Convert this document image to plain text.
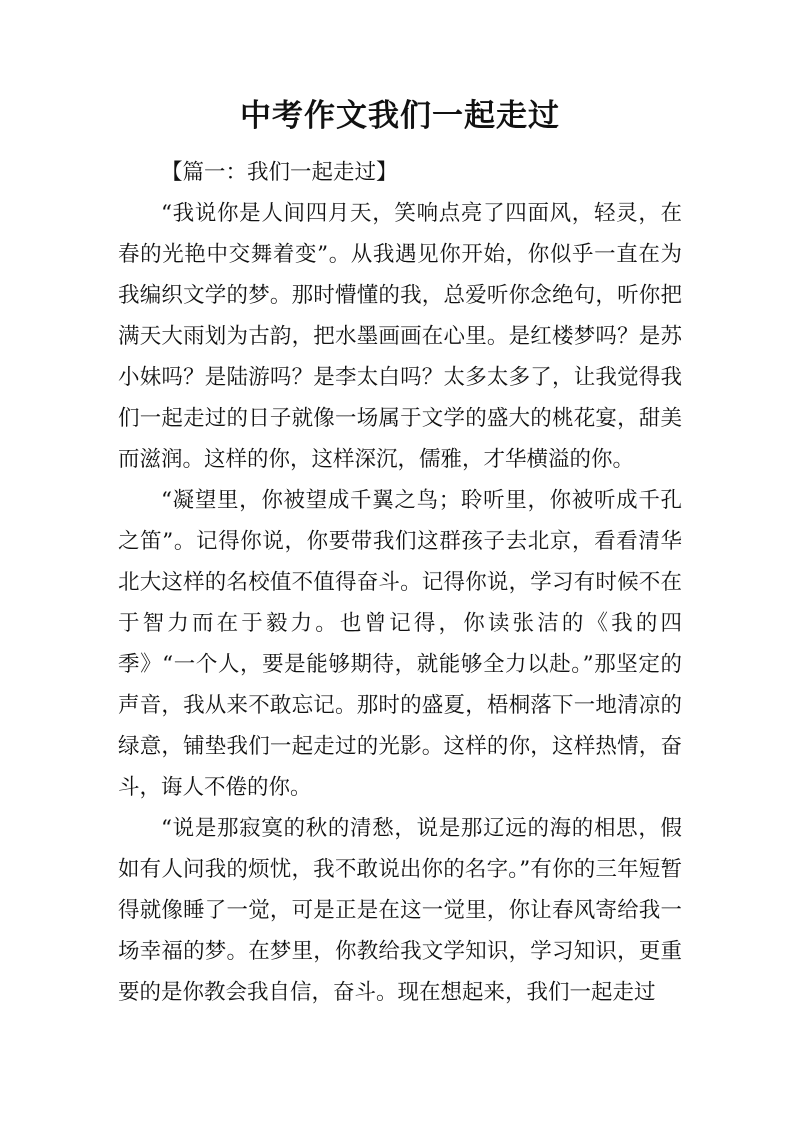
中考作文我们一起走过

【篇一：我们一起走过】

“我说你是人间四月天，笑响点亮了四面风，轻灵，在春的光艳中交舞着变”。从我遇见你开始，你似乎一直在为我编织文学的梦。那时懵懂的我，总爱听你念绝句，听你把满天大雨划为古韵，把水墨画画在心里。是红楼梦吗？是苏小妹吗？是陆游吗？是李太白吗？太多太多了，让我觉得我们一起走过的日子就像一场属于文学的盛大的桃花宴，甜美而滋润。这样的你，这样深沉，儒雅，才华横溢的你。

“凝望里，你被望成千翼之鸟；聆听里，你被听成千孔之笛”。记得你说，你要带我们这群孩子去北京，看看清华北大这样的名校值不值得奋斗。记得你说，学习有时候不在于智力而在于毅力。也曾记得，你读张洁的《我的四季》“一个人，要是能够期待，就能够全力以赴。”那坚定的声音，我从来不敢忘记。那时的盛夏，梧桐落下一地清凉的绿意，铺垫我们一起走过的光影。这样的你，这样热情，奋斗，诲人不倦的你。

“说是那寂寞的秋的清愁，说是那辽远的海的相思，假如有人问我的烦忧，我不敢说出你的名字。”有你的三年短暂得就像睡了一觉，可是正是在这一觉里，你让春风寄给我一场幸福的梦。在梦里，你教给我文学知识，学习知识，更重要的是你教会我自信，奋斗。现在想起来，我们一起走过
